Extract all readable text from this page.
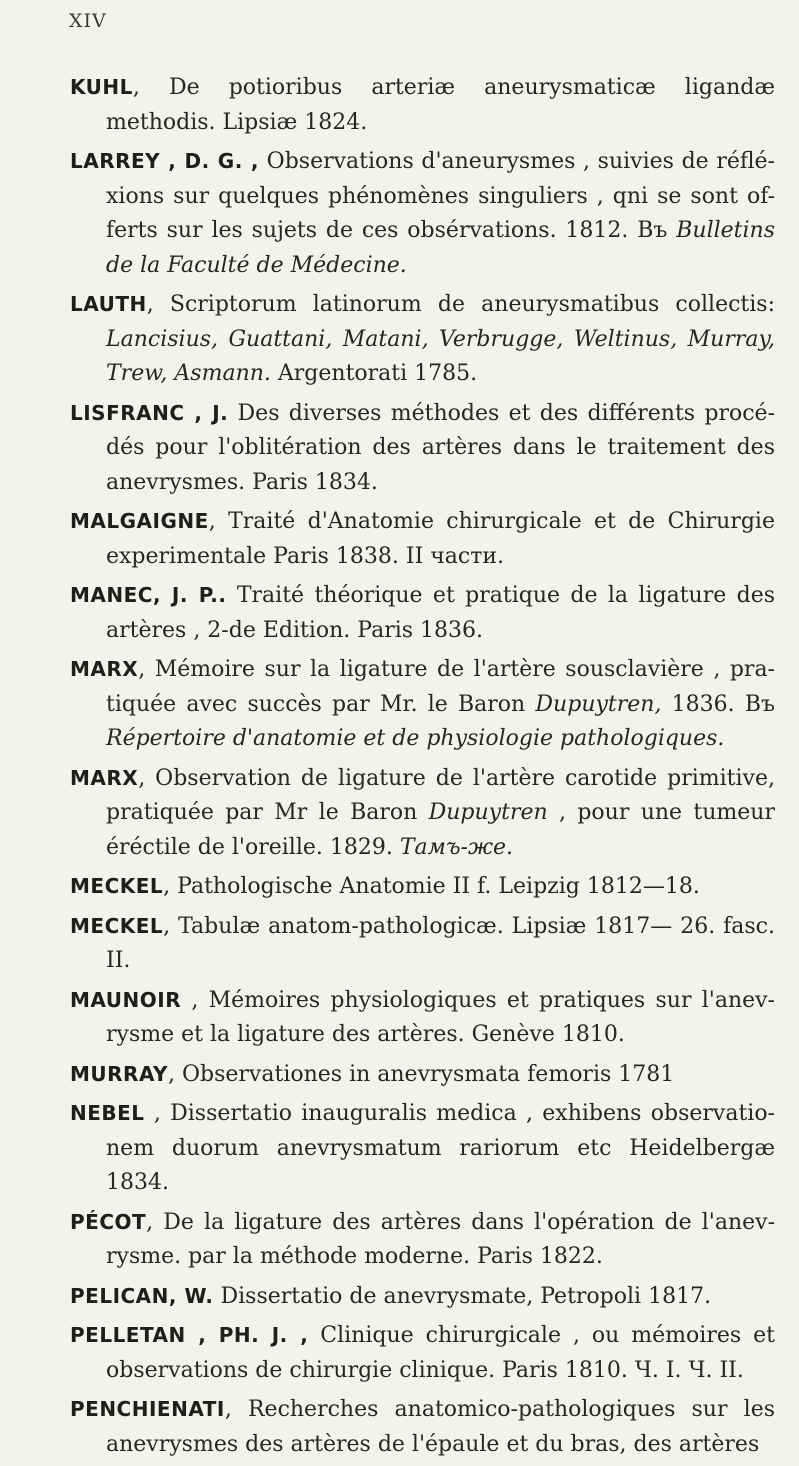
XIV

KUHL, De potioribus arteriæ aneurysmaticæ ligandæ methodis. Lipsiæ 1824.

LARREY , D. G. , Observations d'aneurysmes , suivies de réflé-xions sur quelques phénomènes singuliers , qni se sont of-ferts sur les sujets de ces obsérvations. 1812. Въ Bulletins de la Faculté de Médecine.

LAUTH, Scriptorum latinorum de aneurysmatibus collectis: Lancisius, Guattani, Matani, Verbrugge, Weltinus, Murray, Trew, Asmann. Argentorati 1785.

LISFRANC , J. Des diverses méthodes et des différents procé-dés pour l'oblitération des artères dans le traitement des anevrysmes. Paris 1834.

MALGAIGNE, Traité d'Anatomie chirurgicale et de Chirurgie experimentale Paris 1838. II части.

MANEC, J. P.. Traité théorique et pratique de la ligature des artères , 2-de Edition. Paris 1836.

MARX, Mémoire sur la ligature de l'artère sousclavière , pra-tiquée avec succès par Mr. le Baron Dupuytren, 1836. Въ Répertoire d'anatomie et de physiologie pathologiques.

MARX, Observation de ligature de l'artère carotide primitive, pratiquée par Mr le Baron Dupuytren , pour une tumeur éréctile de l'oreille. 1829. Тамъ-же.

MECKEL, Pathologische Anatomie II f. Leipzig 1812—18.

MECKEL, Tabulæ anatom-pathologicæ. Lipsiæ 1817— 26. fasc. II.

MAUNOIR , Mémoires physiologiques et pratiques sur l'anev-rysme et la ligature des artères. Genève 1810.

MURRAY, Observationes in anevrysmata femoris 1781

NEBEL , Dissertatio inauguralis medica , exhibens observatio-nem duorum anevrysmatum rariorum etc Heidelbergæ 1834.

PÉCOT, De la ligature des artères dans l'opération de l'anev-rysme. par la méthode moderne. Paris 1822.

PELICAN, W. Dissertatio de anevrysmate, Petropoli 1817.

PELLETAN , PH. J. , Clinique chirurgicale , ou mémoires et observations de chirurgie clinique. Paris 1810. Ч. I. Ч. II.

PENCHIENATI, Recherches anatomico-pathologiques sur les anevrysmes des artères de l'épaule et du bras, des artères
